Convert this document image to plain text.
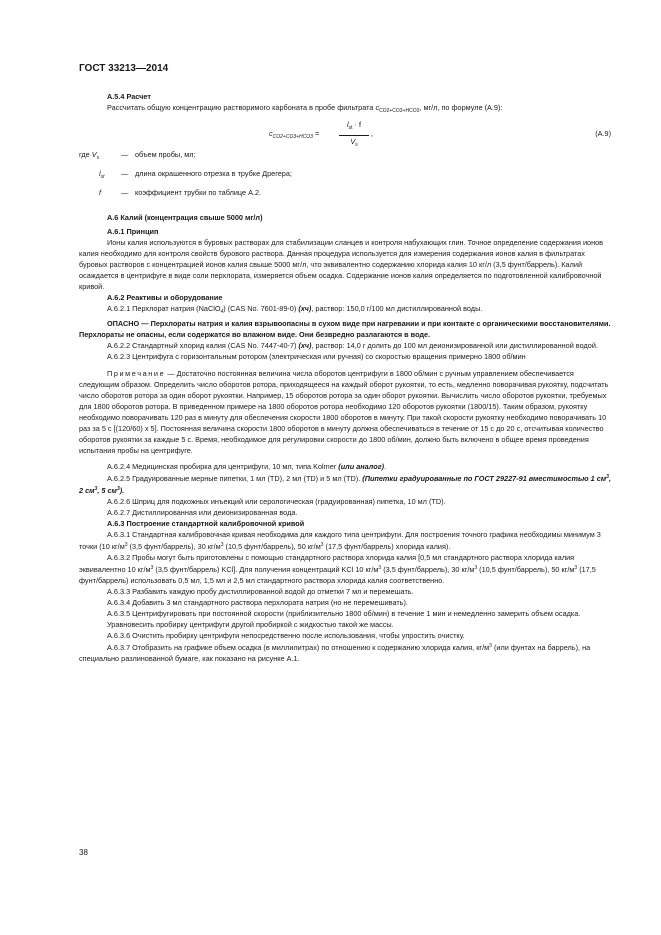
ГОСТ 33213—2014

А.5.4 Расчет

Рассчитать общую концентрацию растворимого карбоната в пробе фильтрата $c_{CO2+CO3+HCO3}$, мг/л, по формуле (А.9):

$c_{CO2+CO3+HCO3}$ =
$l_{st} \cdot f$
$V_s$
,	(A.9)
где $V_s$	— объем пробы, мл;
$l_{st}$	— длина окрашенного отрезка в трубке Дрегера;
f	— коэффициент трубки по таблице А.2.

А.6 Калий (концентрация свыше 5000 мг/л)

А.6.1 Принцип

Ионы калия используются в буровых растворах для стабилизации сланцев и контроля набухающих глин. Точное определение содержания ионов калия необходимо для контроля свойств бурового раствора. Данная процедура используется для измерения содержания ионов калия в фильтратах буровых растворов с концентрацией ионов калия свыше 5000 мг/л, что эквивалентно содержанию хлорида калия 10 кг/л (3,5 фунт/баррель). Калий осаждается в центрифуге в виде соли перхлората, измеряется объем осадка. Содержание ионов калия определяется по подготовленной калибровочной кривой.

А.6.2 Реактивы и оборудование

А.6.2.1 Перхлорат натрия (NaClO$_4$) (CAS No. 7601-89-0) (хч), раствор: 150,0 г/100 мл дистиллированной воды.

ОПАСНО — Перхлораты натрия и калия взрывоопасны в сухом виде при нагревании и при контакте с органическими восстановителями. Перхлораты не опасны, если содержатся во влажном виде. Они безвредно разлагаются в воде.

А.6.2.2 Стандартный хлорид калия (CAS No. 7447-40-7) (хч), раствор: 14,0 г долить до 100 мл деионизированной или дистиллированной водой.

А.6.2.3 Центрифуга с горизонтальным ротором (электрическая или ручная) со скоростью вращения примерно 1800 об/мин

Примечание — Достаточно постоянная величина числа оборотов центрифуги в 1800 об/мин с ручным управлением обеспечивается следующим образом. Определить число оборотов ротора, приходящееся на каждый оборот рукоятки, то есть, медленно поворачивая рукоятку, подсчитать число оборотов ротора за один оборот рукоятки. Например, 15 оборотов ротора за один оборот рукоятки. Вычислить число оборотов рукоятки, требуемых для 1800 оборотов ротора. В приведенном примере на 1800 оборотов ротора необходимо 120 оборотов рукоятки (1800/15). Таким образом, рукоятку необходимо поворачивать 120 раз в минуту для обеспечения скорости 1800 оборотов в минуту. При такой скорости рукоятку необходимо поворачивать 10 раз за 5 с [(120/60) x 5]. Постоянная величина скорости 1800 оборотов в минуту должна обеспечиваться в течение от 15 с до 20 с, отсчитывая количество оборотов рукоятки за каждые 5 с. Время, необходимое для регулировки скорости до 1800 об/мин, должно быть включено в общее время проведения испытания пробы на центрифуге.

А.6.2.4 Медицинская пробирка для центрифуги, 10 мл, типа Kolmer (или аналог).

А.6.2.5 Градуированные мерные пипетки, 1 мл (TD), 2 мл (TD) и 5 мл (TD). (Пипетки градуированные по ГОСТ 29227-91 вместимостью 1 $см^3$, 2 $см^3$, 5 $см^3$).

А.6.2.6 Шприц для подкожных инъекций или серологическая (градуированная) пипетка, 10 мл (TD).

А.6.2.7 Дистиллированная или деионизированная вода.

А.6.3 Построение стандартной калибровочной кривой

А.6.3.1 Стандартная калибровочная кривая необходима для каждого типа центрифуги. Для построения точного графика необходимы минимум 3 точки (10 $кг/м^3$ (3,5 фунт/баррель), 30 $кг/м^3$ (10,5 фунт/баррель), 50 $кг/м^3$ (17,5 фунт/баррель) хлорида калия).

А.6.3.2 Пробы могут быть приготовлены с помощью стандартного раствора хлорида калия [0,5 мл стандартного раствора хлорида калия эквивалентно 10 $кг/м^3$ (3,5 фунт/баррель) KCl]. Для получения концентраций KCl 10 $кг/м^3$ (3,5 фунт/баррель), 30 $кг/м^3$ (10,5 фунт/баррель), 50 $кг/м^3$ (17,5 фунт/баррель) использовать 0,5 мл, 1,5 мл и 2,5 мл стандартного раствора хлорида калия соответственно.

А.6.3.3 Разбавить каждую пробу дистиллированной водой до отметки 7 мл и перемешать.

А.6.3.4 Добавить 3 мл стандартного раствора перхлората натрия (но не перемешивать).

А.6.3.5 Центрифугировать при постоянной скорости (приблизительно 1800 об/мин) в течение 1 мин и немедленно замерить объем осадка.

Уравновесить пробирку центрифуги другой пробиркой с жидкостью такой же массы.

А.6.3.6 Очистить пробирку центрифуги непосредственно после использования, чтобы упростить очистку.

А.6.3.7 Отобразить на графике объем осадка (в миллилитрах) по отношению к содержанию хлорида калия, $кг/м^3$ (или фунтах на баррель), на специально разлинованной бумаге, как показано на рисунке А.1.

38
